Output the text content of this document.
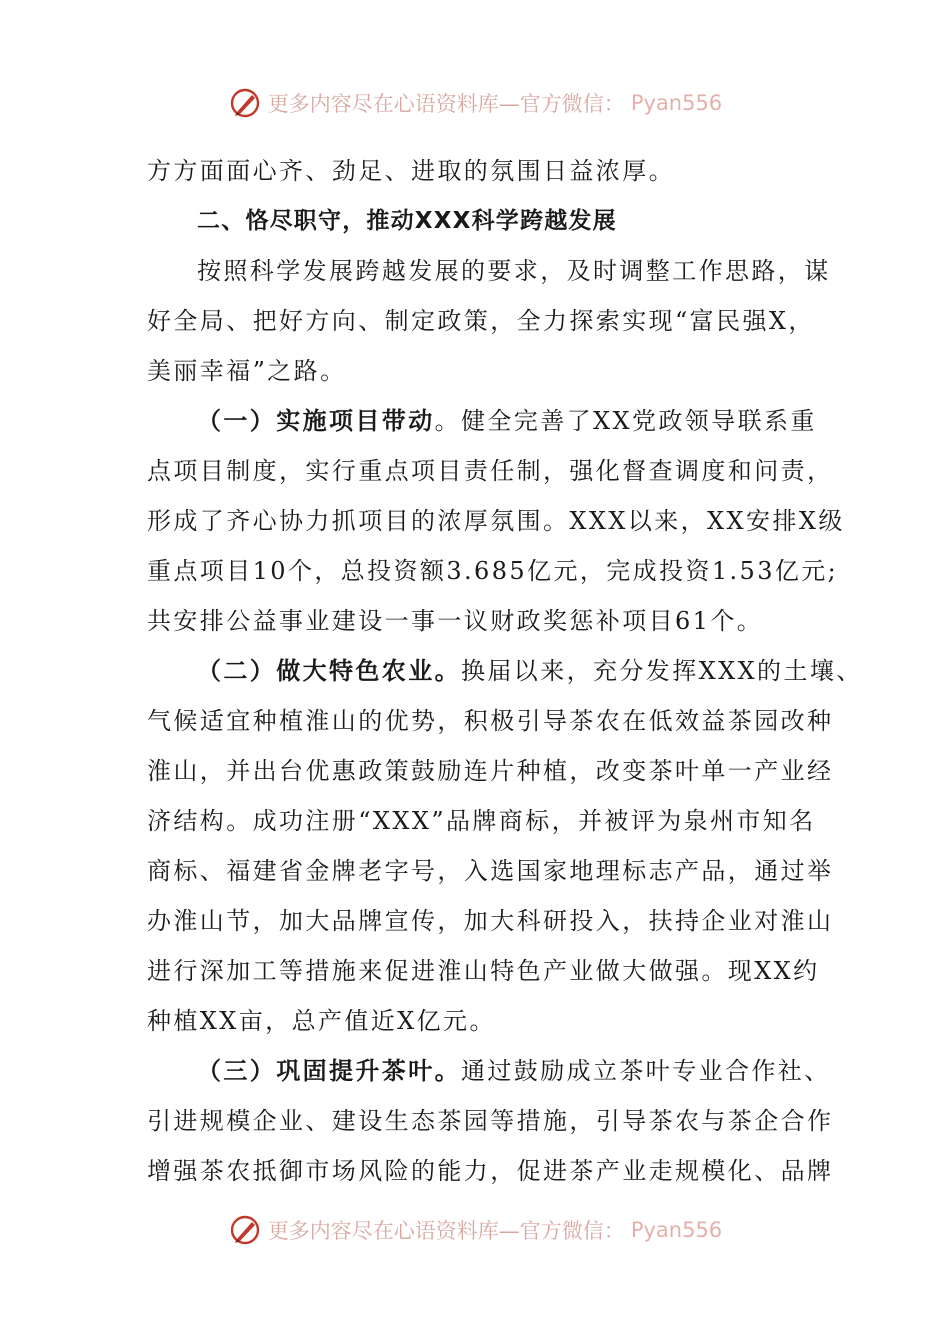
更多内容尽在心语资料库—官方微信： Pyan556
方方面面心齐、劲足、进取的氛围日益浓厚。
二、恪尽职守，推动XXX科学跨越发展
按照科学发展跨越发展的要求，及时调整工作思路，谋
好全局、把好方向、制定政策，全力探索实现“富民强X，
美丽幸福”之路。
（一）实施项目带动。健全完善了XX党政领导联系重
点项目制度，实行重点项目责任制，强化督查调度和问责，
形成了齐心协力抓项目的浓厚氛围。XXX以来，XX安排X级
重点项目10个，总投资额3.685亿元，完成投资1.53亿元;
共安排公益事业建设一事一议财政奖惩补项目61个。
（二）做大特色农业。换届以来，充分发挥XXX的土壤、
气候适宜种植淮山的优势，积极引导茶农在低效益茶园改种
淮山，并出台优惠政策鼓励连片种植，改变茶叶单一产业经
济结构。成功注册“XXX”品牌商标，并被评为泉州市知名
商标、福建省金牌老字号，入选国家地理标志产品，通过举
办淮山节，加大品牌宣传，加大科研投入，扶持企业对淮山
进行深加工等措施来促进淮山特色产业做大做强。现XX约
种植XX亩，总产值近X亿元。
（三）巩固提升茶叶。通过鼓励成立茶叶专业合作社、
引进规模企业、建设生态茶园等措施，引导茶农与茶企合作
增强茶农抵御市场风险的能力，促进茶产业走规模化、品牌
更多内容尽在心语资料库—官方微信： Pyan556
